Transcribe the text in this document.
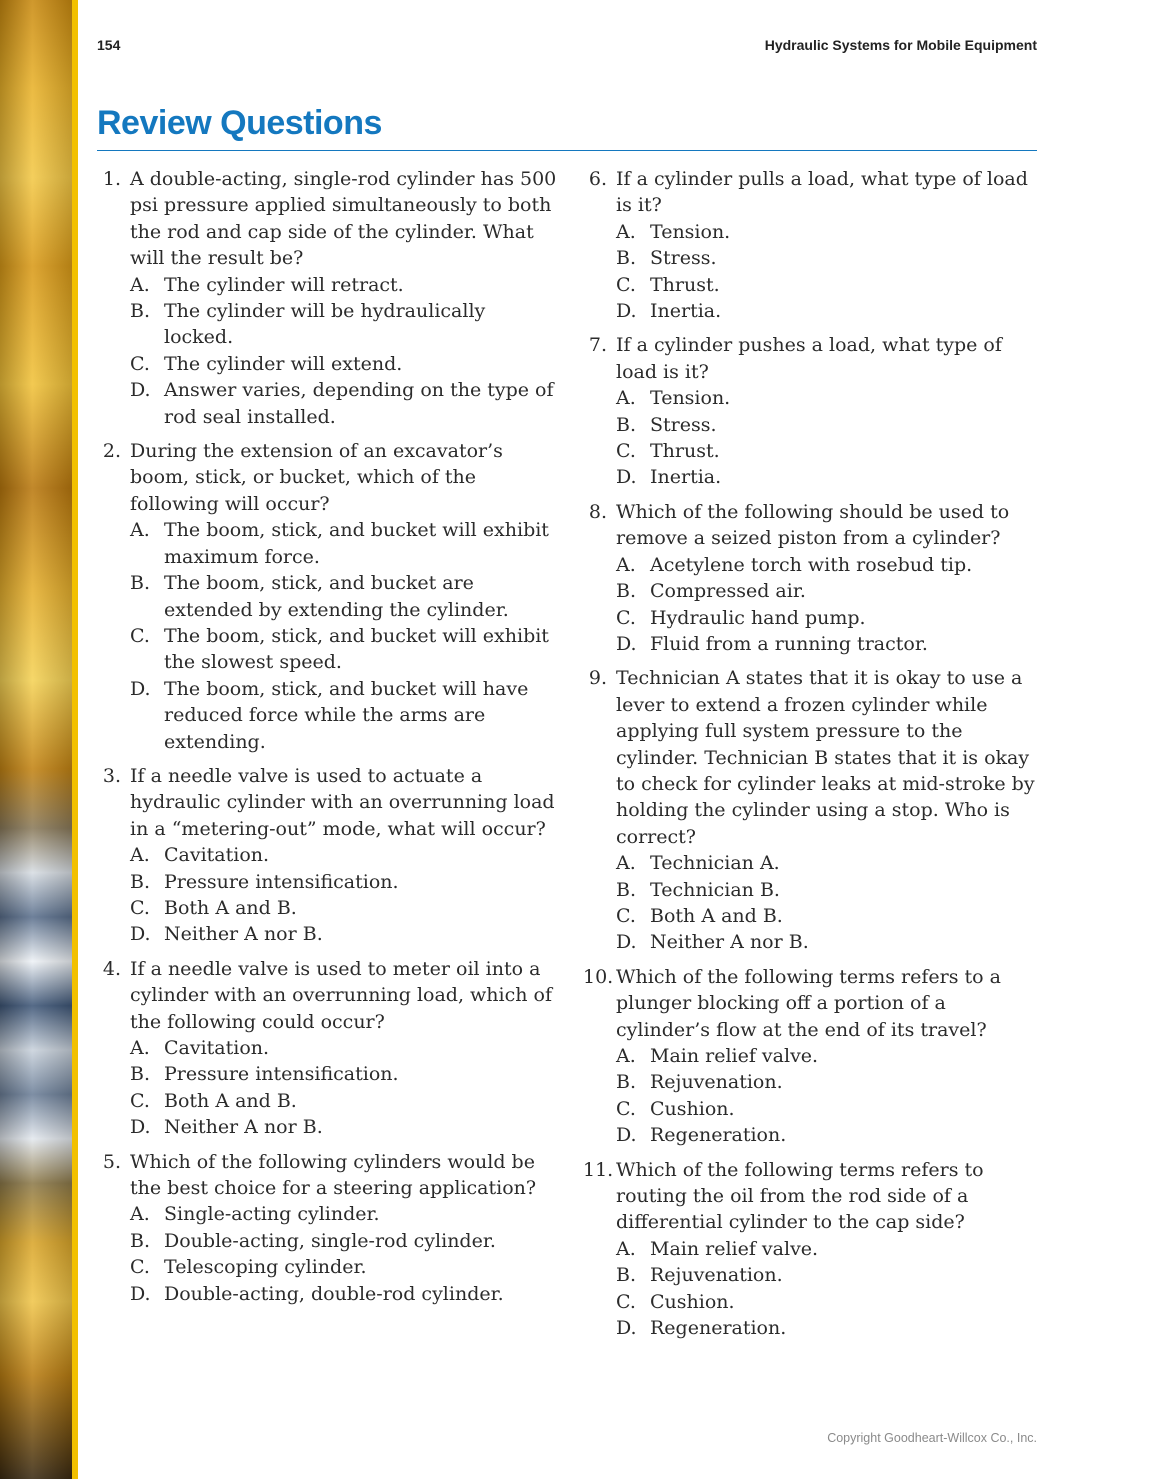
154	Hydraulic Systems for Mobile Equipment
Review Questions
1. A double-acting, single-rod cylinder has 500 psi pressure applied simultaneously to both the rod and cap side of the cylinder. What will the result be?
A. The cylinder will retract.
B. The cylinder will be hydraulically locked.
C. The cylinder will extend.
D. Answer varies, depending on the type of rod seal installed.
2. During the extension of an excavator’s boom, stick, or bucket, which of the following will occur?
A. The boom, stick, and bucket will exhibit maximum force.
B. The boom, stick, and bucket are extended by extending the cylinder.
C. The boom, stick, and bucket will exhibit the slowest speed.
D. The boom, stick, and bucket will have reduced force while the arms are extending.
3. If a needle valve is used to actuate a hydraulic cylinder with an overrunning load in a “metering-out” mode, what will occur?
A. Cavitation.
B. Pressure intensification.
C. Both A and B.
D. Neither A nor B.
4. If a needle valve is used to meter oil into a cylinder with an overrunning load, which of the following could occur?
A. Cavitation.
B. Pressure intensification.
C. Both A and B.
D. Neither A nor B.
5. Which of the following cylinders would be the best choice for a steering application?
A. Single-acting cylinder.
B. Double-acting, single-rod cylinder.
C. Telescoping cylinder.
D. Double-acting, double-rod cylinder.
6. If a cylinder pulls a load, what type of load is it?
A. Tension.
B. Stress.
C. Thrust.
D. Inertia.
7. If a cylinder pushes a load, what type of load is it?
A. Tension.
B. Stress.
C. Thrust.
D. Inertia.
8. Which of the following should be used to remove a seized piston from a cylinder?
A. Acetylene torch with rosebud tip.
B. Compressed air.
C. Hydraulic hand pump.
D. Fluid from a running tractor.
9. Technician A states that it is okay to use a lever to extend a frozen cylinder while applying full system pressure to the cylinder. Technician B states that it is okay to check for cylinder leaks at mid-stroke by holding the cylinder using a stop. Who is correct?
A. Technician A.
B. Technician B.
C. Both A and B.
D. Neither A nor B.
10. Which of the following terms refers to a plunger blocking off a portion of a cylinder’s flow at the end of its travel?
A. Main relief valve.
B. Rejuvenation.
C. Cushion.
D. Regeneration.
11. Which of the following terms refers to routing the oil from the rod side of a differential cylinder to the cap side?
A. Main relief valve.
B. Rejuvenation.
C. Cushion.
D. Regeneration.
Copyright Goodheart-Willcox Co., Inc.
